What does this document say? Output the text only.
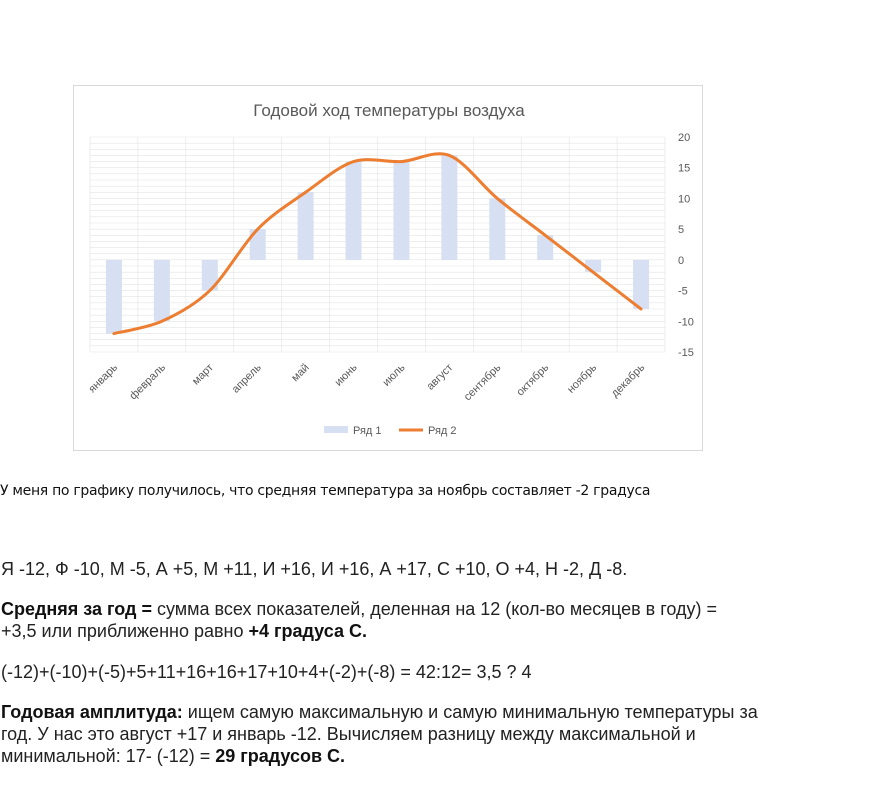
Годовой ход температуры воздуха
20
15
10
5
0
-5
-10
-15
январь февраль март апрель май июнь июль август сентябрь октябрь ноябрь декабрь
Ряд 1	Ряд 2
У меня по графику получилось, что средняя температура за ноябрь составляет -2 градуса
Я -12, Ф -10, М -5, А +5, М +11, И +16, И +16, А +17, С +10, О +4, Н -2, Д -8.
Средняя за год = сумма всех показателей, деленная на 12 (кол-во месяцев в году) = +3,5 или приближенно равно +4 градуса С.
(-12)+(-10)+(-5)+5+11+16+16+17+10+4+(-2)+(-8) = 42:12= 3,5 ? 4
Годовая амплитуда: ищем самую максимальную и самую минимальную температуры за год. У нас это август +17 и январь -12. Вычисляем разницу между максимальной и минимальной: 17- (-12) = 29 градусов С.
